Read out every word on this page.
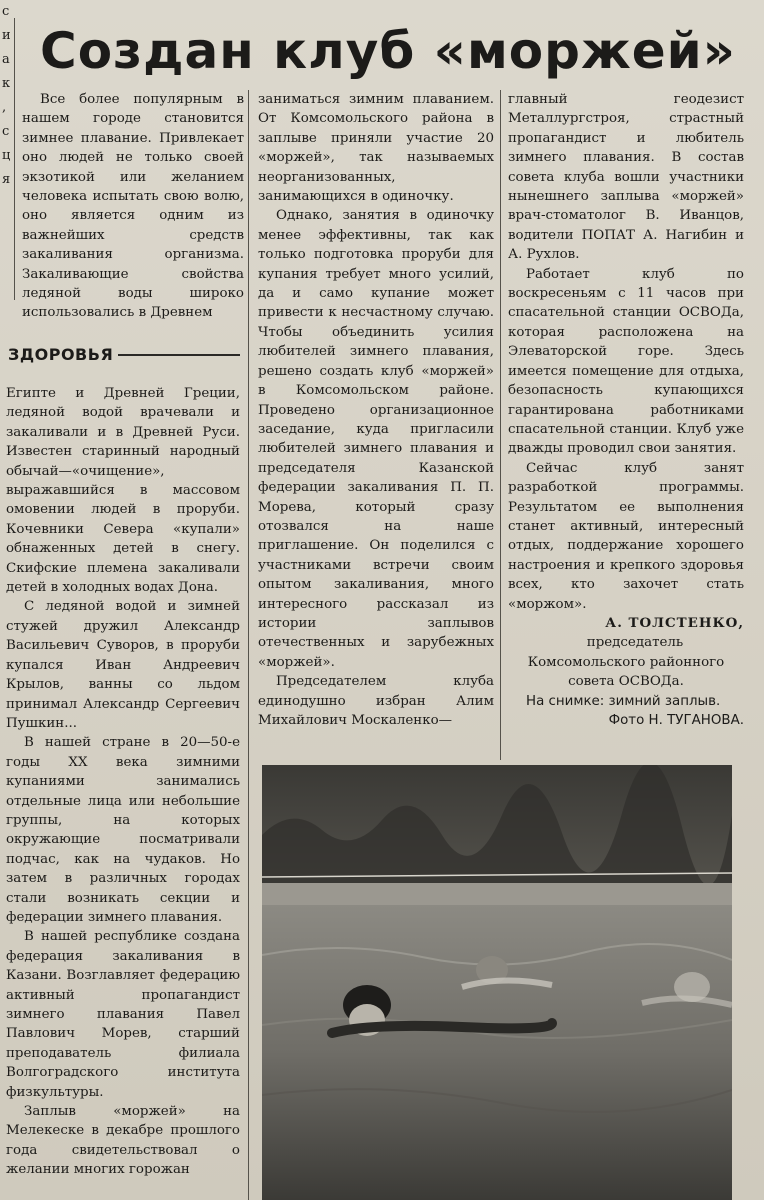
с
и
а
к
,
с
ц
я
Создан клуб «моржей»

Все более популярным в нашем городе становится зимнее плавание. Привлекает оно людей не только своей экзотикой или желанием человека испытать свою волю, оно является одним из важнейших средств закаливания организма. Закаливающие свойства ледяной воды широко использовались в Древнем

ЗДОРОВЬЯ

Египте и Древней Греции, ледяной водой врачевали и закаливали и в Древней Руси. Известен старинный народный обычай—«очищение», выражавшийся в массовом омовении людей в проруби. Кочевники Севера «купали» обнаженных детей в снегу. Скифские племена закаливали детей в холодных водах Дона.

С ледяной водой и зимней стужей дружил Александр Васильевич Суворов, в проруби купался Иван Андреевич Крылов, ванны со льдом принимал Александр Сергеевич Пушкин...

В нашей стране в 20—50-е годы XX века зимними купаниями занимались отдельные лица или небольшие группы, на которых окружающие посматривали подчас, как на чудаков. Но затем в различных городах стали возникать секции и федерации зимнего плавания.

В нашей республике создана федерация закаливания в Казани. Возглавляет федерацию активный пропагандист зимнего плавания Павел Павлович Морев, старший преподаватель филиала Волгоградского института физкультуры.

Заплыв «моржей» на Мелекеске в декабре прошлого года свидетельствовал о желании многих горожан

заниматься зимним плаванием. От Комсомольского района в заплыве приняли участие 20 «моржей», так называемых неорганизованных, занимающихся в одиночку.

Однако, занятия в одиночку менее эффективны, так как только подготовка проруби для купания требует много усилий, да и само купание может привести к несчастному случаю. Чтобы объединить усилия любителей зимнего плавания, решено создать клуб «моржей» в Комсомольском районе. Проведено организационное заседание, куда пригласили любителей зимнего плавания и председателя Казанской федерации закаливания П. П. Морева, который сразу отозвался на наше приглашение. Он поделился с участниками встречи своим опытом закаливания, много интересного рассказал из истории заплывов отечественных и зарубежных «моржей».

Председателем клуба единодушно избран Алим Михайлович Москаленко—

главный геодезист Металлургстроя, страстный пропагандист и любитель зимнего плавания. В состав совета клуба вошли участники нынешнего заплыва «моржей» врач-стоматолог В. Иванцов, водители ПОПАТ А. Нагибин и А. Рухлов.

Работает клуб по воскресеньям с 11 часов при спасательной станции ОСВОДа, которая расположена на Элеваторской горе. Здесь имеется помещение для отдыха, безопасность купающихся гарантирована работниками спасательной станции. Клуб уже дважды проводил свои занятия.

Сейчас клуб занят разработкой программы. Результатом ее выполнения станет активный, интересный отдых, поддержание хорошего настроения и крепкого здоровья всех, кто захочет стать «моржом».

А. ТОЛСТЕНКО,

председатель Комсомольского районного совета ОСВОДа.

На снимке: зимний заплыв.

Фото Н. ТУГАНОВА.
